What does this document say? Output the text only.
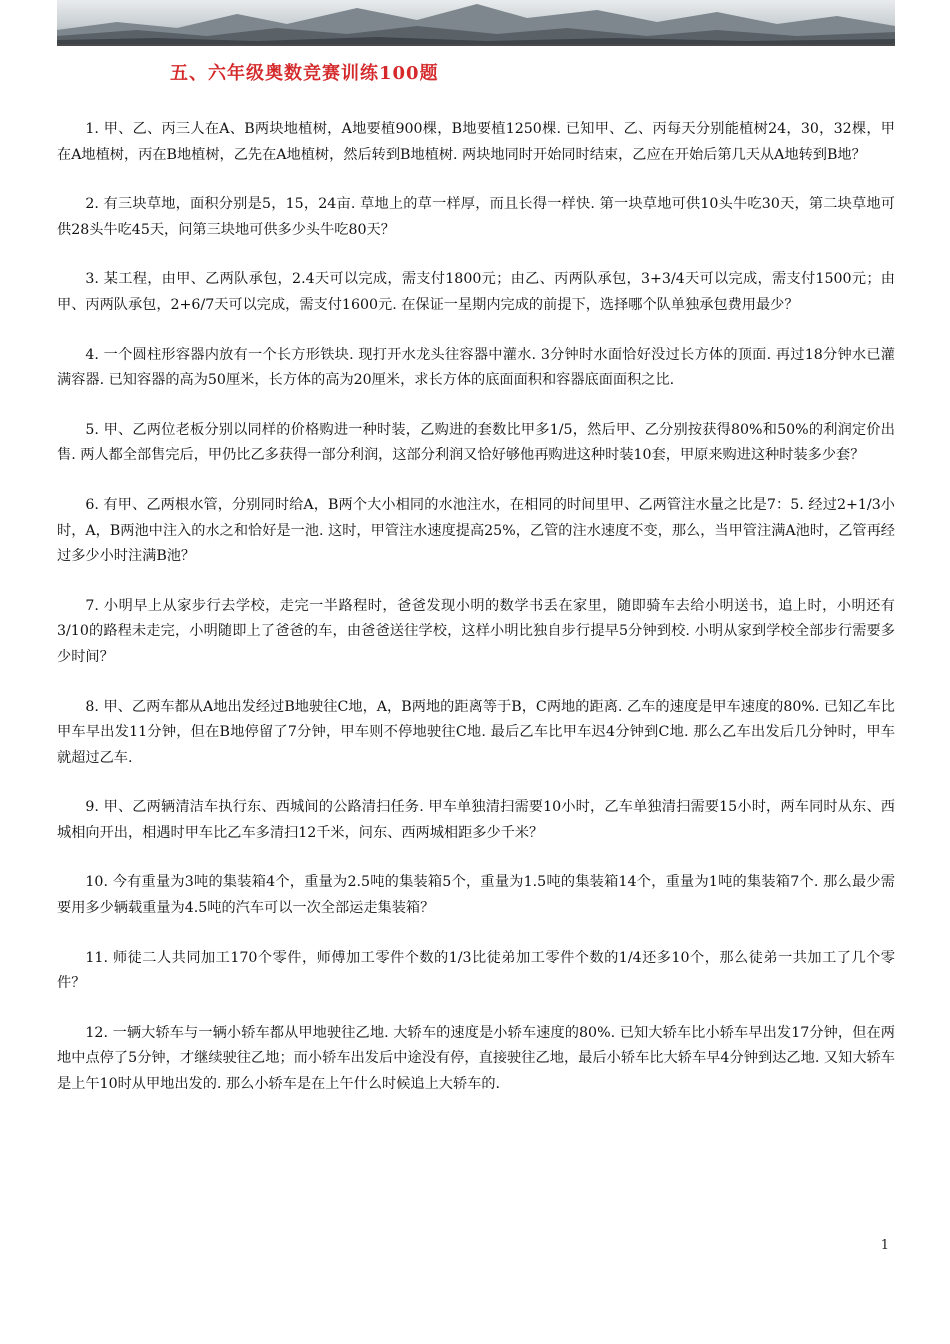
五、六年级奥数竞赛训练100题

1. 甲、乙、丙三人在A、B两块地植树，A地要植900棵，B地要植1250棵. 已知甲、乙、丙每天分别能植树24，30，32棵，甲在A地植树，丙在B地植树，乙先在A地植树，然后转到B地植树. 两块地同时开始同时结束，乙应在开始后第几天从A地转到B地？

2. 有三块草地，面积分别是5，15，24亩. 草地上的草一样厚，而且长得一样快. 第一块草地可供10头牛吃30天，第二块草地可供28头牛吃45天，问第三块地可供多少头牛吃80天？

3. 某工程，由甲、乙两队承包，2.4天可以完成，需支付1800元；由乙、丙两队承包，3+3/4天可以完成，需支付1500元；由甲、丙两队承包，2+6/7天可以完成，需支付1600元. 在保证一星期内完成的前提下，选择哪个队单独承包费用最少？

4. 一个圆柱形容器内放有一个长方形铁块. 现打开水龙头往容器中灌水. 3分钟时水面恰好没过长方体的顶面. 再过18分钟水已灌满容器. 已知容器的高为50厘米，长方体的高为20厘米，求长方体的底面面积和容器底面面积之比.

5. 甲、乙两位老板分别以同样的价格购进一种时装，乙购进的套数比甲多1/5，然后甲、乙分别按获得80%和50%的利润定价出售. 两人都全部售完后，甲仍比乙多获得一部分利润，这部分利润又恰好够他再购进这种时装10套，甲原来购进这种时装多少套？

6. 有甲、乙两根水管，分别同时给A，B两个大小相同的水池注水，在相同的时间里甲、乙两管注水量之比是7：5. 经过2+1/3小时，A，B两池中注入的水之和恰好是一池. 这时，甲管注水速度提高25%，乙管的注水速度不变，那么，当甲管注满A池时，乙管再经过多少小时注满B池？

7. 小明早上从家步行去学校，走完一半路程时，爸爸发现小明的数学书丢在家里，随即骑车去给小明送书，追上时，小明还有3/10的路程未走完，小明随即上了爸爸的车，由爸爸送往学校，这样小明比独自步行提早5分钟到校. 小明从家到学校全部步行需要多少时间？

8. 甲、乙两车都从A地出发经过B地驶往C地，A，B两地的距离等于B，C两地的距离. 乙车的速度是甲车速度的80%. 已知乙车比甲车早出发11分钟，但在B地停留了7分钟，甲车则不停地驶往C地. 最后乙车比甲车迟4分钟到C地. 那么乙车出发后几分钟时，甲车就超过乙车.

9. 甲、乙两辆清洁车执行东、西城间的公路清扫任务. 甲车单独清扫需要10小时，乙车单独清扫需要15小时，两车同时从东、西城相向开出，相遇时甲车比乙车多清扫12千米，问东、西两城相距多少千米？

10. 今有重量为3吨的集装箱4个，重量为2.5吨的集装箱5个，重量为1.5吨的集装箱14个，重量为1吨的集装箱7个. 那么最少需要用多少辆载重量为4.5吨的汽车可以一次全部运走集装箱？

11. 师徒二人共同加工170个零件，师傅加工零件个数的1/3比徒弟加工零件个数的1/4还多10个，那么徒弟一共加工了几个零件？

12. 一辆大轿车与一辆小轿车都从甲地驶往乙地. 大轿车的速度是小轿车速度的80%. 已知大轿车比小轿车早出发17分钟，但在两地中点停了5分钟，才继续驶往乙地；而小轿车出发后中途没有停，直接驶往乙地，最后小轿车比大轿车早4分钟到达乙地. 又知大轿车是上午10时从甲地出发的. 那么小轿车是在上午什么时候追上大轿车的.

1
